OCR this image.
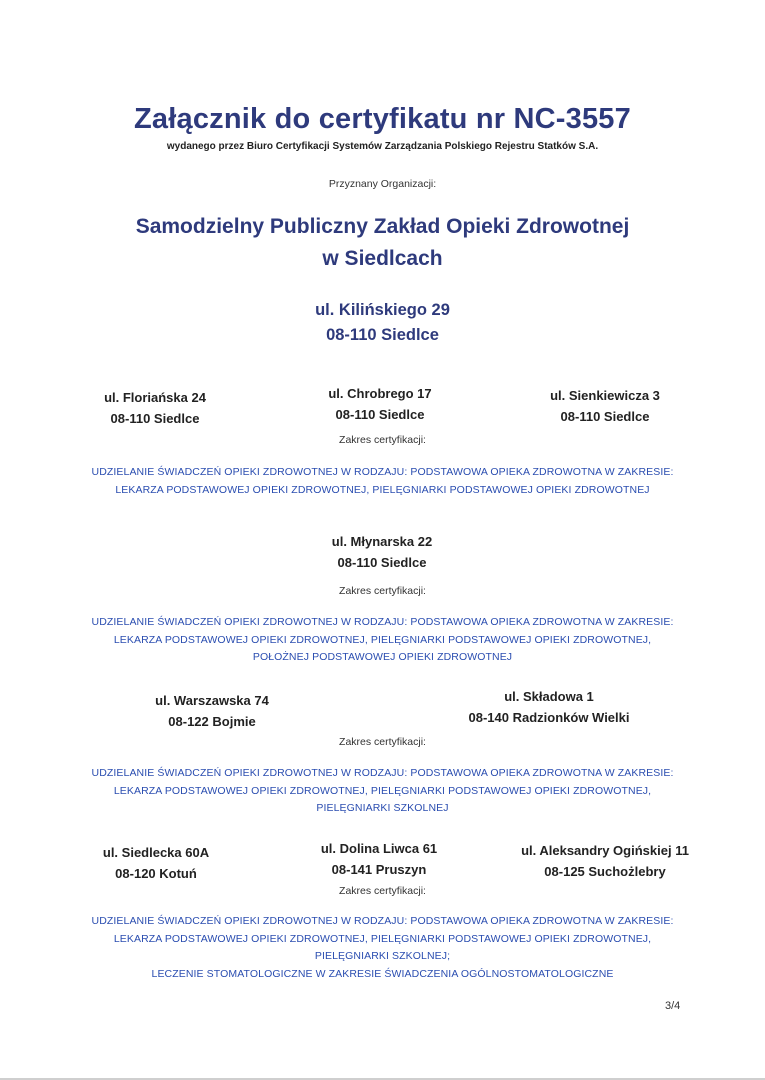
Załącznik do certyfikatu nr NC-3557
wydanego przez Biuro Certyfikacji Systemów Zarządzania Polskiego Rejestru Statków S.A.
Przyznany Organizacji:
Samodzielny Publiczny Zakład Opieki Zdrowotnej
w Siedlcach
ul. Kilińskiego 29
08-110 Siedlce
ul. Floriańska 24
08-110 Siedlce
ul. Chrobrego 17
08-110 Siedlce
ul. Sienkiewicza 3
08-110 Siedlce
Zakres certyfikacji:
UDZIELANIE ŚWIADCZEŃ OPIEKI ZDROWOTNEJ W RODZAJU: PODSTAWOWA OPIEKA ZDROWOTNA W ZAKRESIE:
LEKARZA PODSTAWOWEJ OPIEKI ZDROWOTNEJ, PIELĘGNIARKI PODSTAWOWEJ OPIEKI ZDROWOTNEJ
ul. Młynarska 22
08-110 Siedlce
Zakres certyfikacji:
UDZIELANIE ŚWIADCZEŃ OPIEKI ZDROWOTNEJ W RODZAJU: PODSTAWOWA OPIEKA ZDROWOTNA W ZAKRESIE:
LEKARZA PODSTAWOWEJ OPIEKI ZDROWOTNEJ, PIELĘGNIARKI PODSTAWOWEJ OPIEKI ZDROWOTNEJ,
POŁOŻNEJ PODSTAWOWEJ OPIEKI ZDROWOTNEJ
ul. Warszawska 74
08-122 Bojmie
ul. Składowa 1
08-140 Radzionków Wielki
Zakres certyfikacji:
UDZIELANIE ŚWIADCZEŃ OPIEKI ZDROWOTNEJ W RODZAJU: PODSTAWOWA OPIEKA ZDROWOTNA W ZAKRESIE:
LEKARZA PODSTAWOWEJ OPIEKI ZDROWOTNEJ, PIELĘGNIARKI PODSTAWOWEJ OPIEKI ZDROWOTNEJ,
PIELĘGNIARKI SZKOLNEJ
ul. Siedlecka 60A
08-120 Kotuń
ul. Dolina Liwca 61
08-141 Pruszyn
ul. Aleksandry Ogińskiej 11
08-125 Suchożlebry
Zakres certyfikacji:
UDZIELANIE ŚWIADCZEŃ OPIEKI ZDROWOTNEJ W RODZAJU: PODSTAWOWA OPIEKA ZDROWOTNA W ZAKRESIE:
LEKARZA PODSTAWOWEJ OPIEKI ZDROWOTNEJ, PIELĘGNIARKI PODSTAWOWEJ OPIEKI ZDROWOTNEJ,
PIELĘGNIARKI SZKOLNEJ;
LECZENIE STOMATOLOGICZNE W ZAKRESIE ŚWIADCZENIA OGÓLNOSTOMATOLOGICZNE
3/4
